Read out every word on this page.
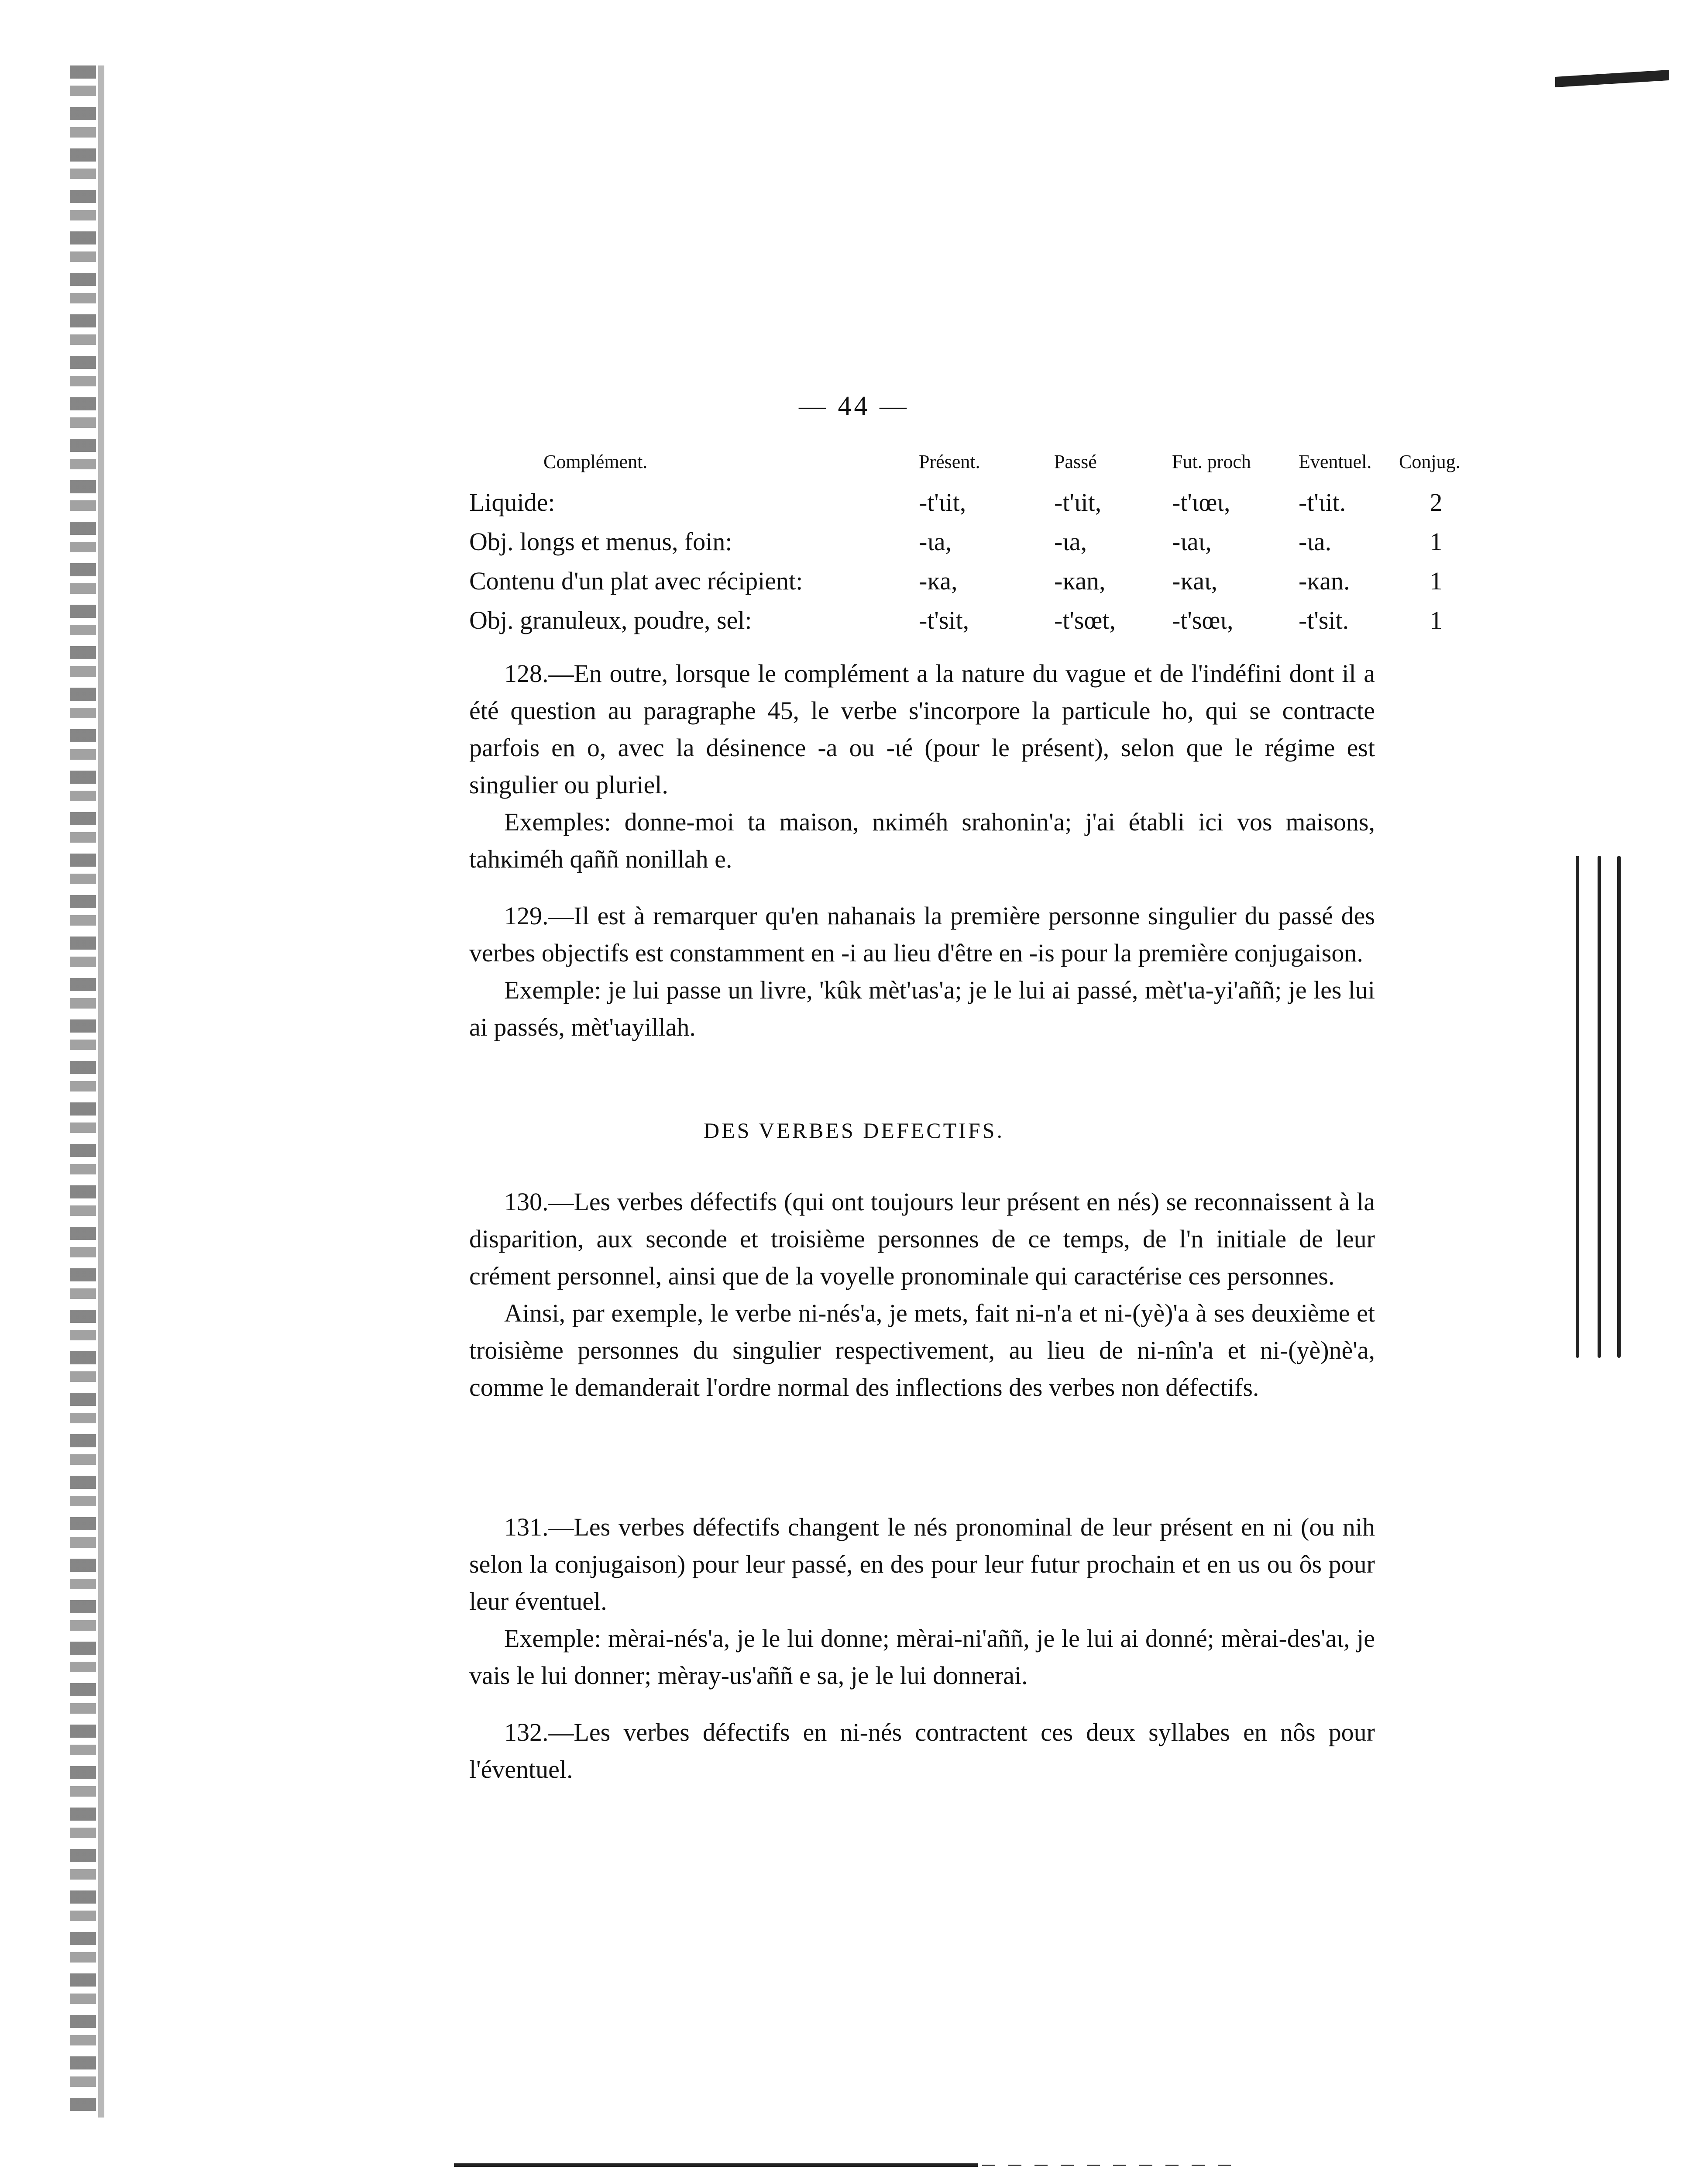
— 44 —
Complément.	Présent.	Passé	Fut. proch	Eventuel.	Conjug.
Liquide:	-t'ɩit,	-t'ɩit,	-t'ɩœɩ,	-t'ɩit.	2
Obj. longs et menus, foin:	-ɩa,	-ɩa,	-ɩaɩ,	-ɩa.	1
Contenu d'un plat avec récipient:	-ĸa,	-ĸan,	-ĸaɩ,	-ĸan.	1
Obj. granuleux, poudre, sel:	-t'sit,	-t'sœt,	-t'sœɩ,	-t'sit.	1

128.—En outre, lorsque le complément a la nature du vague et de l'indéfini dont il a été question au paragraphe 45, le verbe s'incorpore la particule ho, qui se contracte parfois en o, avec la désinence -a ou -ɩé (pour le présent), selon que le régime est singulier ou pluriel.

Exemples: donne-moi ta maison, nĸiméh srahonin'a; j'ai établi ici vos maisons, tahĸiméh qaññ nonillah e.

129.—Il est à remarquer qu'en nahanais la première personne singulier du passé des verbes objectifs est constamment en -i au lieu d'être en -is pour la première conjugaison.

Exemple: je lui passe un livre, 'kûk mèt'ɩas'a; je le lui ai passé, mèt'ɩa-yi'aññ; je les lui ai passés, mèt'ɩayillah.

DES VERBES DEFECTIFS.

130.—Les verbes défectifs (qui ont toujours leur présent en nés) se reconnaissent à la disparition, aux seconde et troisième personnes de ce temps, de l'n initiale de leur crément personnel, ainsi que de la voyelle pronominale qui caractérise ces personnes.

Ainsi, par exemple, le verbe ni-nés'a, je mets, fait ni-n'a et ni-(yè)'a à ses deuxième et troisième personnes du singulier respectivement, au lieu de ni-nîn'a et ni-(yè)nè'a, comme le demanderait l'ordre normal des inflections des verbes non défectifs.

131.—Les verbes défectifs changent le nés pronominal de leur présent en ni (ou nih selon la conjugaison) pour leur passé, en des pour leur futur prochain et en us ou ôs pour leur éventuel.

Exemple: mèrai-nés'a, je le lui donne; mèrai-ni'aññ, je le lui ai donné; mèrai-des'aɩ, je vais le lui donner; mèray-us'aññ e sa, je le lui donnerai.

132.—Les verbes défectifs en ni-nés contractent ces deux syllabes en nôs pour l'éventuel.
